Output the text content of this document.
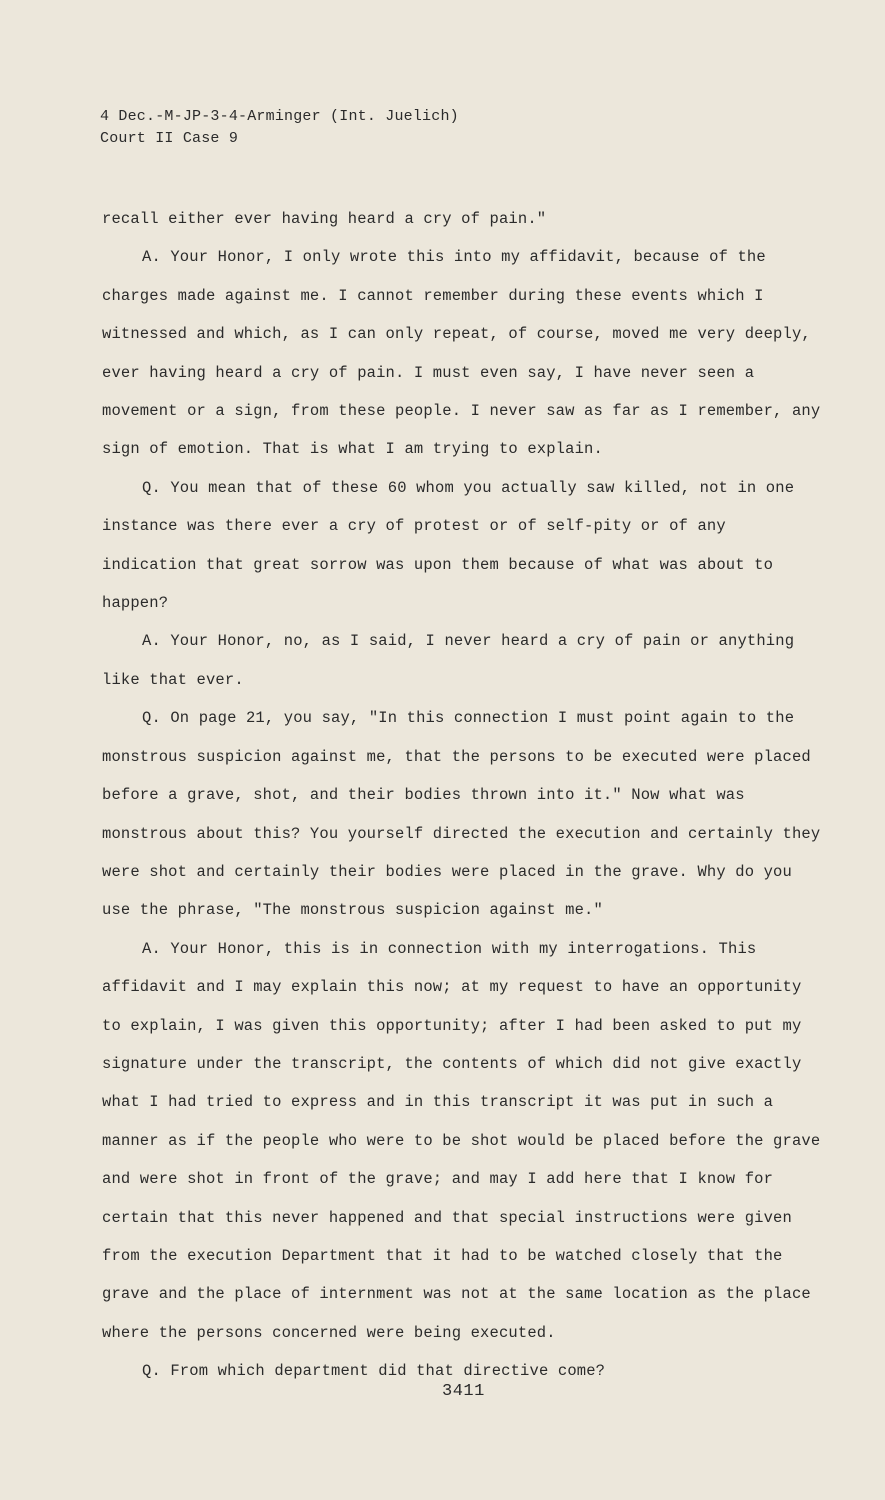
4 Dec.-M-JP-3-4-Arminger (Int. Juelich)
Court II Case 9

recall either ever having heard a cry of pain."

A. Your Honor, I only wrote this into my affidavit, because of the charges made against me. I cannot remember during these events which I witnessed and which, as I can only repeat, of course, moved me very deeply, ever having heard a cry of pain. I must even say, I have never seen a movement or a sign, from these people. I never saw as far as I remember, any sign of emotion. That is what I am trying to explain.

Q. You mean that of these 60 whom you actually saw killed, not in one instance was there ever a cry of protest or of self-pity or of any indication that great sorrow was upon them because of what was about to happen?

A. Your Honor, no, as I said, I never heard a cry of pain or anything like that ever.

Q. On page 21, you say, "In this connection I must point again to the monstrous suspicion against me, that the persons to be executed were placed before a grave, shot, and their bodies thrown into it." Now what was monstrous about this? You yourself directed the execution and certainly they were shot and certainly their bodies were placed in the grave. Why do you use the phrase, "The monstrous suspicion against me."

A. Your Honor, this is in connection with my interrogations. This affidavit and I may explain this now; at my request to have an opportunity to explain, I was given this opportunity; after I had been asked to put my signature under the transcript, the contents of which did not give exactly what I had tried to express and in this transcript it was put in such a manner as if the people who were to be shot would be placed before the grave and were shot in front of the grave; and may I add here that I know for certain that this never happened and that special instructions were given from the execution Department that it had to be watched closely that the grave and the place of internment was not at the same location as the place where the persons concerned were being executed.

Q. From which department did that directive come?

3411
